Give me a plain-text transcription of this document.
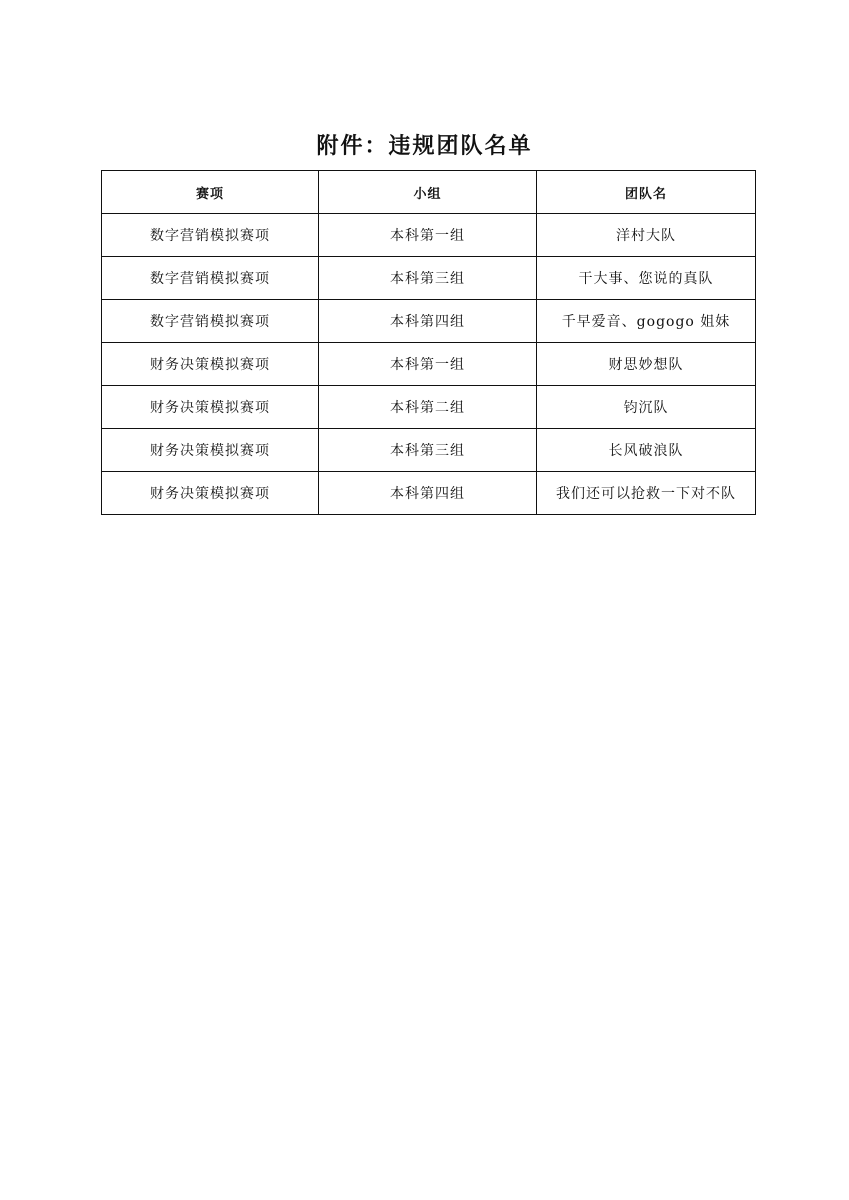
附件：违规团队名单
赛项	小组	团队名
数字营销模拟赛项	本科第一组	洋村大队
数字营销模拟赛项	本科第三组	干大事、您说的真队
数字营销模拟赛项	本科第四组	千早爱音、gogogo 姐妹
财务决策模拟赛项	本科第一组	财思妙想队
财务决策模拟赛项	本科第二组	钧沉队
财务决策模拟赛项	本科第三组	长风破浪队
财务决策模拟赛项	本科第四组	我们还可以抢救一下对不队
